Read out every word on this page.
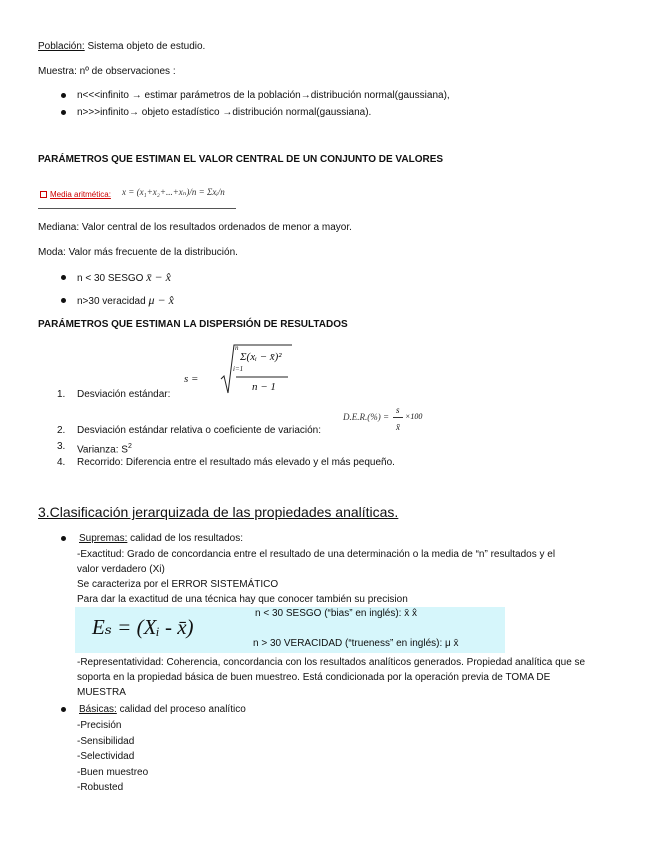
Población: Sistema objeto de estudio.
Muestra: nº de observaciones :
n<<<infinito → estimar parámetros de la población→distribución normal(gaussiana),
n>>>infinito→ objeto estadístico →distribución normal(gaussiana).
PARÁMETROS QUE ESTIMAN EL VALOR CENTRAL DE UN CONJUNTO DE VALORES
Media aritmética: x = (x₁+x₂+...+xₙ)/n = Σxᵢ/n
Mediana: Valor central de los resultados ordenados de menor a mayor.
Moda: Valor más frecuente de la distribución.
n < 30 SESGO x̄ − x̂
n>30 veracidad μ − x̂
PARÁMETROS QUE ESTIMAN LA DISPERSIÓN DE RESULTADOS
s =
n
i=1
Σ(xᵢ − x̄)²
n − 1
1. Desviación estándar:
D.E.R.(%) =
s
x̄
×100
2. Desviación estándar relativa o coeficiente de variación:
3. Varianza: $S^2$
4. Recorrido: Diferencia entre el resultado más elevado y el más pequeño.
3.Clasificación jerarquizada de las propiedades analíticas.
Supremas: calidad de los resultados:
-Exactitud: Grado de concordancia entre el resultado de una determinación o la media de “n” resultados y el
valor verdadero (Xi)
Se caracteriza por el ERROR SISTEMÁTICO
Para dar la exactitud de una técnica hay que conocer también su precision
Eₛ = (Xᵢ - x̄)
n < 30 SESGO (“bias” en inglés): x̄ x̂
n > 30 VERACIDAD (“trueness” en inglés): μ x̄
-Representatividad: Coherencia, concordancia con los resultados analíticos generados. Propiedad analítica que se
soporta en la propiedad básica de buen muestreo. Está condicionada por la operación previa de TOMA DE
MUESTRA
Básicas: calidad del proceso analítico
-Precisión
-Sensibilidad
-Selectividad
-Buen muestreo
-Robusted
